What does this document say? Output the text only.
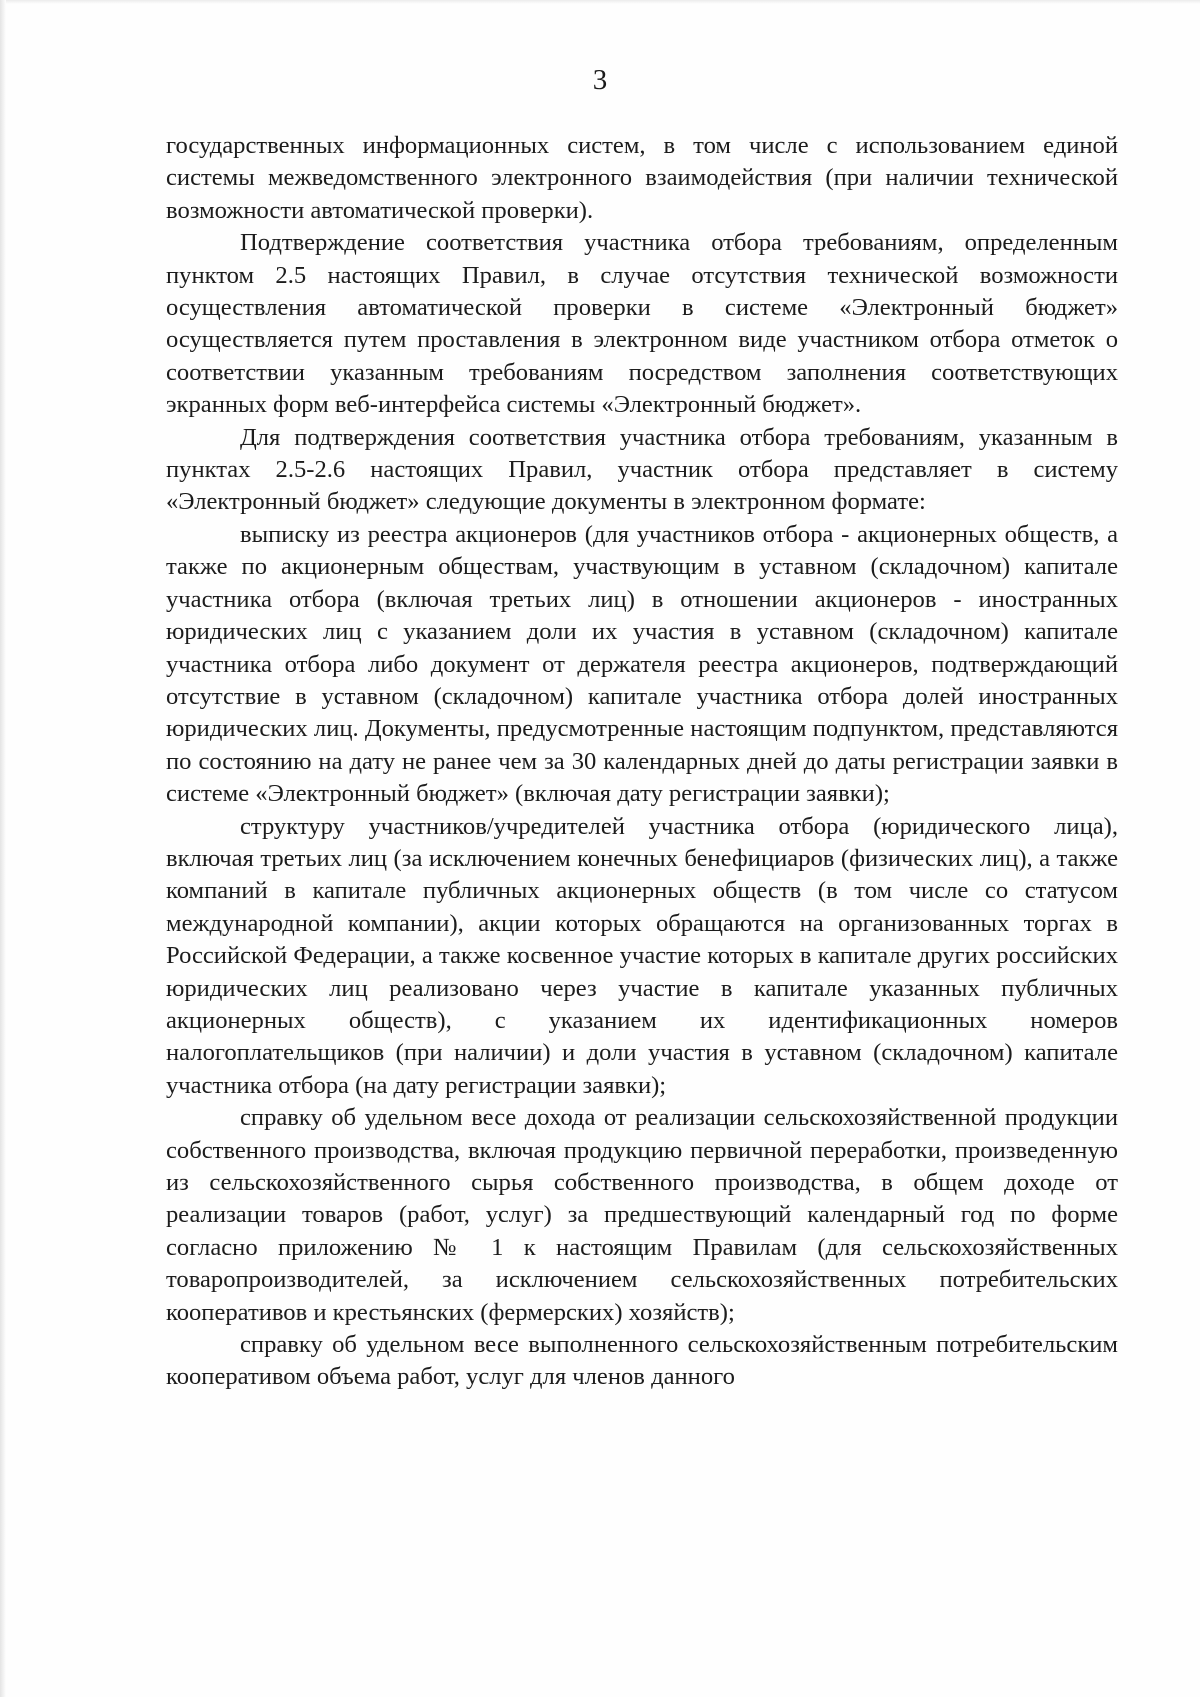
3

государственных информационных систем, в том числе с использованием единой системы межведомственного электронного взаимодействия (при наличии технической возможности автоматической проверки).

Подтверждение соответствия участника отбора требованиям, определенным пунктом 2.5 настоящих Правил, в случае отсутствия технической возможности осуществления автоматической проверки в системе «Электронный бюджет» осуществляется путем проставления в электронном виде участником отбора отметок о соответствии указанным требованиям посредством заполнения соответствующих экранных форм веб-интерфейса системы «Электронный бюджет».

Для подтверждения соответствия участника отбора требованиям, указанным в пунктах 2.5-2.6 настоящих Правил, участник отбора представляет в систему «Электронный бюджет» следующие документы в электронном формате:

выписку из реестра акционеров (для участников отбора - акционерных обществ, а также по акционерным обществам, участвующим в уставном (складочном) капитале участника отбора (включая третьих лиц) в отношении акционеров - иностранных юридических лиц с указанием доли их участия в уставном (складочном) капитале участника отбора либо документ от держателя реестра акционеров, подтверждающий отсутствие в уставном (складочном) капитале участника отбора долей иностранных юридических лиц. Документы, предусмотренные настоящим подпунктом, представляются по состоянию на дату не ранее чем за 30 календарных дней до даты регистрации заявки в системе «Электронный бюджет» (включая дату регистрации заявки);

структуру участников/учредителей участника отбора (юридического лица), включая третьих лиц (за исключением конечных бенефициаров (физических лиц), а также компаний в капитале публичных акционерных обществ (в том числе со статусом международной компании), акции которых обращаются на организованных торгах в Российской Федерации, а также косвенное участие которых в капитале других российских юридических лиц реализовано через участие в капитале указанных публичных акционерных обществ), с указанием их идентификационных номеров налогоплательщиков (при наличии) и доли участия в уставном (складочном) капитале участника отбора (на дату регистрации заявки);

справку об удельном весе дохода от реализации сельскохозяйственной продукции собственного производства, включая продукцию первичной переработки, произведенную из сельскохозяйственного сырья собственного производства, в общем доходе от реализации товаров (работ, услуг) за предшествующий календарный год по форме согласно приложению № 1 к настоящим Правилам (для сельскохозяйственных товаропроизводителей, за исключением сельскохозяйственных потребительских кооперативов и крестьянских (фермерских) хозяйств);

справку об удельном весе выполненного сельскохозяйственным потребительским кооперативом объема работ, услуг для членов данного
